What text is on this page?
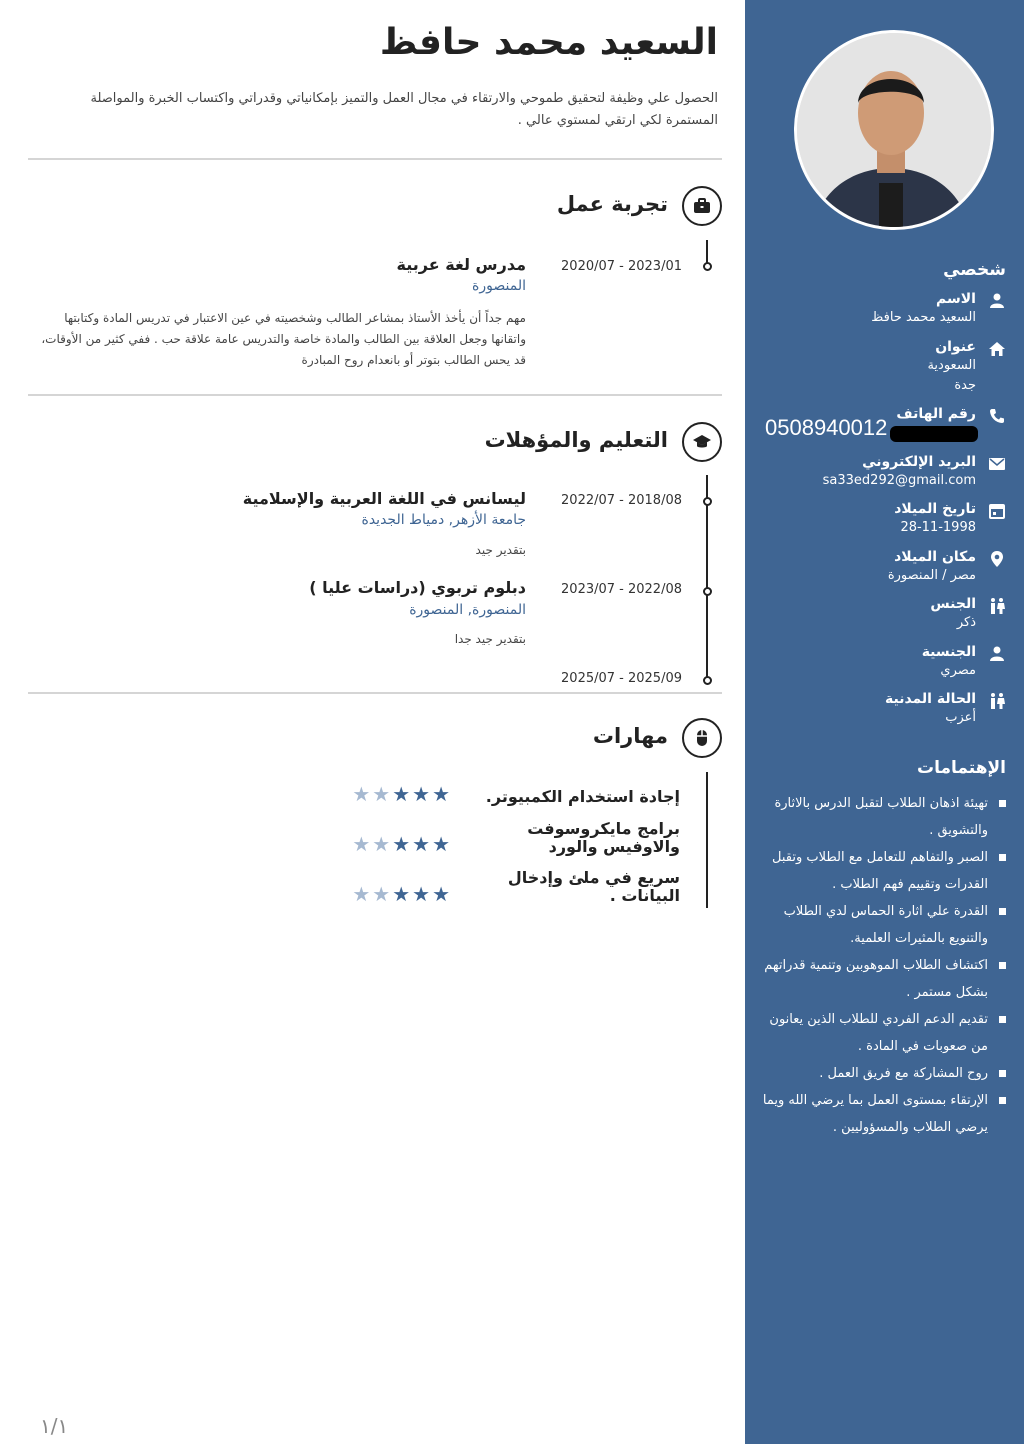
شخصي
الاسم
السعيد محمد حافظ
عنوان
السعودية
جدة
رقم الهاتف
0508940012
البريد الإلكتروني
sa33ed292@gmail.com
تاريخ الميلاد
28-11-1998
مكان الميلاد
مصر / المنصورة
الجنس
ذكر
الجنسية
مصري
الحالة المدنية
أعزب
الإهتمامات
تهيئة اذهان الطلاب لتقبل الدرس بالاثارة والتشويق .
الصبر والتفاهم للتعامل مع الطلاب وتقبل القدرات وتقييم فهم الطلاب .
القدرة علي اثارة الحماس لدي الطلاب والتنويع بالمثيرات العلمية.
اكتشاف الطلاب الموهوبين وتنمية قدراتهم بشكل مستمر .
تقديم الدعم الفردي للطلاب الذين يعانون من صعوبات في المادة .
روح المشاركة مع فريق العمل .
الإرتقاء بمستوى العمل بما يرضي الله ويما يرضي الطلاب والمسؤوليين .
السعيد محمد حافظ
الحصول علي وظيفة لتحقيق طموحي والارتقاء في مجال العمل والتميز بإمكانياتي وقدراتي واكتساب الخبرة والمواصلة المستمرة لكي ارتقي لمستوي عالي .
تجربة عمل
2020/07 - 2023/01
مدرس لغة عربية
المنصورة
مهم جداً أن يأخذ الأستاذ بمشاعر الطالب وشخصيته في عين الاعتبار في تدريس المادة وكتابتها واتقانها وجعل العلاقة بين الطالب والمادة خاصة والتدريس عامة علاقة حب . ففي كثير من الأوقات، قد يحس الطالب بتوتر أو بانعدام روح المبادرة
التعليم والمؤهلات
2022/07 - 2018/08
ليسانس في اللغة العربية والإسلامية
جامعة الأزهر, دمياط الجديدة
بتقدير جيد
2023/07 - 2022/08
دبلوم تربوي (دراسات عليا )
المنصورة, المنصورة
بتقدير جيد جدا
2025/07 - 2025/09
مهارات
إجادة استخدام الكمبيوتر.
★★★★★
برامج مايكروسوفت والاوفيس والورد
★★★★★
سريع في ملئ وإدخال البيانات .
★★★★★
١/١
